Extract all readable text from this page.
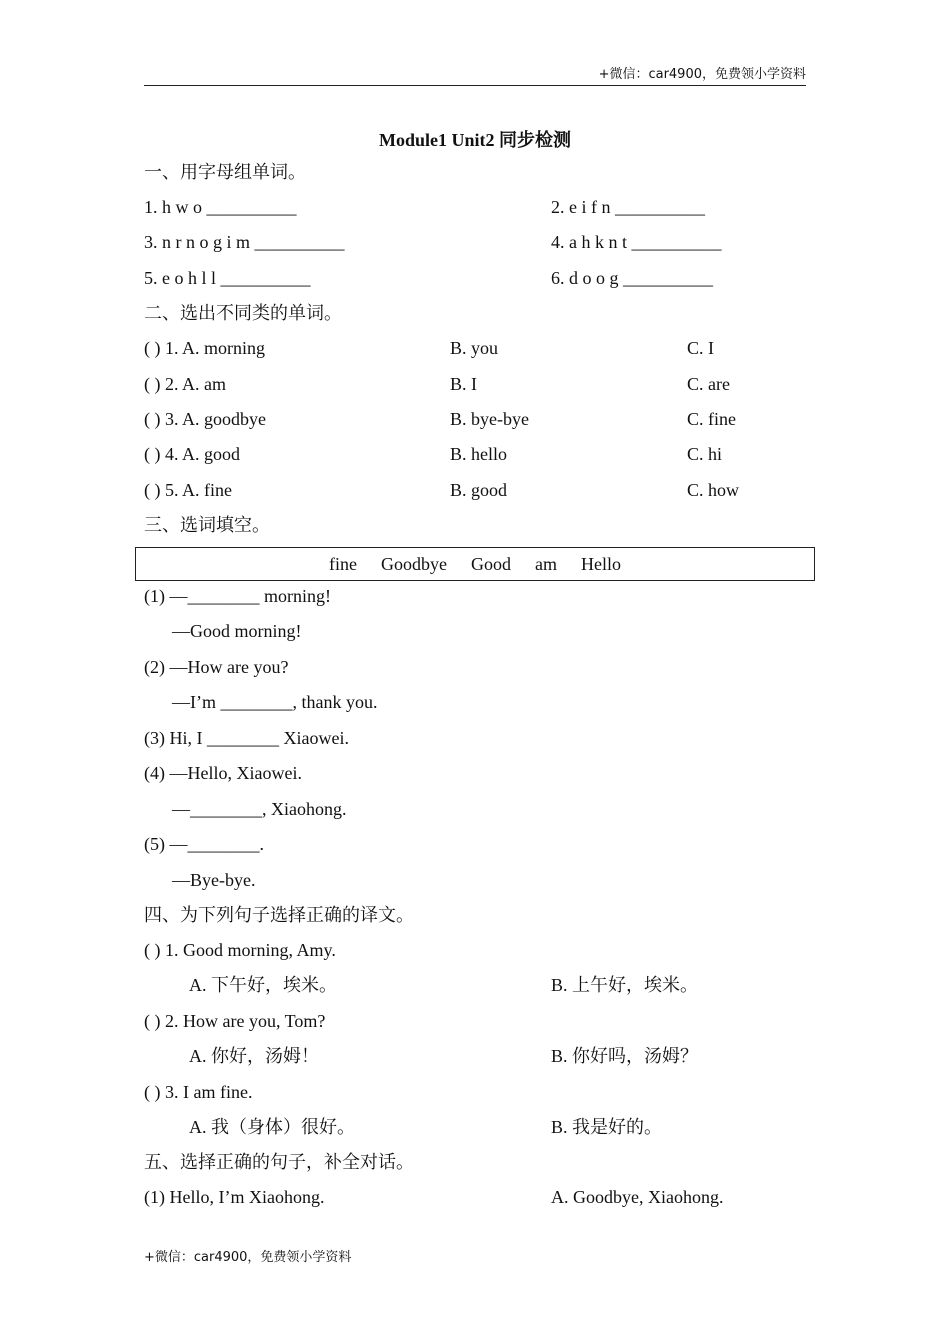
+微信：car4900，免费领小学资料
Module1 Unit2 同步检测
一、用字母组单词。
1. h w o __________	2. e i f n __________
3. n r n o g i m __________	4. a h k n t __________
5. e o h l l __________	6. d o o g __________
二、选出不同类的单词。
( ) 1. A. morning	B. you	C. I
( ) 2. A. am	B. I	C. are
( ) 3. A. goodbye	B. bye-bye	C. fine
( ) 4. A. good	B. hello	C. hi
( ) 5. A. fine	B. good	C. how
三、选词填空。
fine Goodbye Good am Hello
(1) —________ morning!
—Good morning!
(2) —How are you?
—I’m ________, thank you.
(3) Hi, I ________ Xiaowei.
(4) —Hello, Xiaowei.
—________, Xiaohong.
(5) —________.
—Bye-bye.
四、为下列句子选择正确的译文。
( ) 1. Good morning, Amy.
A. 下午好，埃米。	B. 上午好，埃米。
( ) 2. How are you, Tom?
A. 你好，汤姆！	B. 你好吗，汤姆？
( ) 3. I am fine.
A. 我（身体）很好。	B. 我是好的。
五、选择正确的句子，补全对话。
(1) Hello, I’m Xiaohong.	A. Goodbye, Xiaohong.
+微信：car4900，免费领小学资料
